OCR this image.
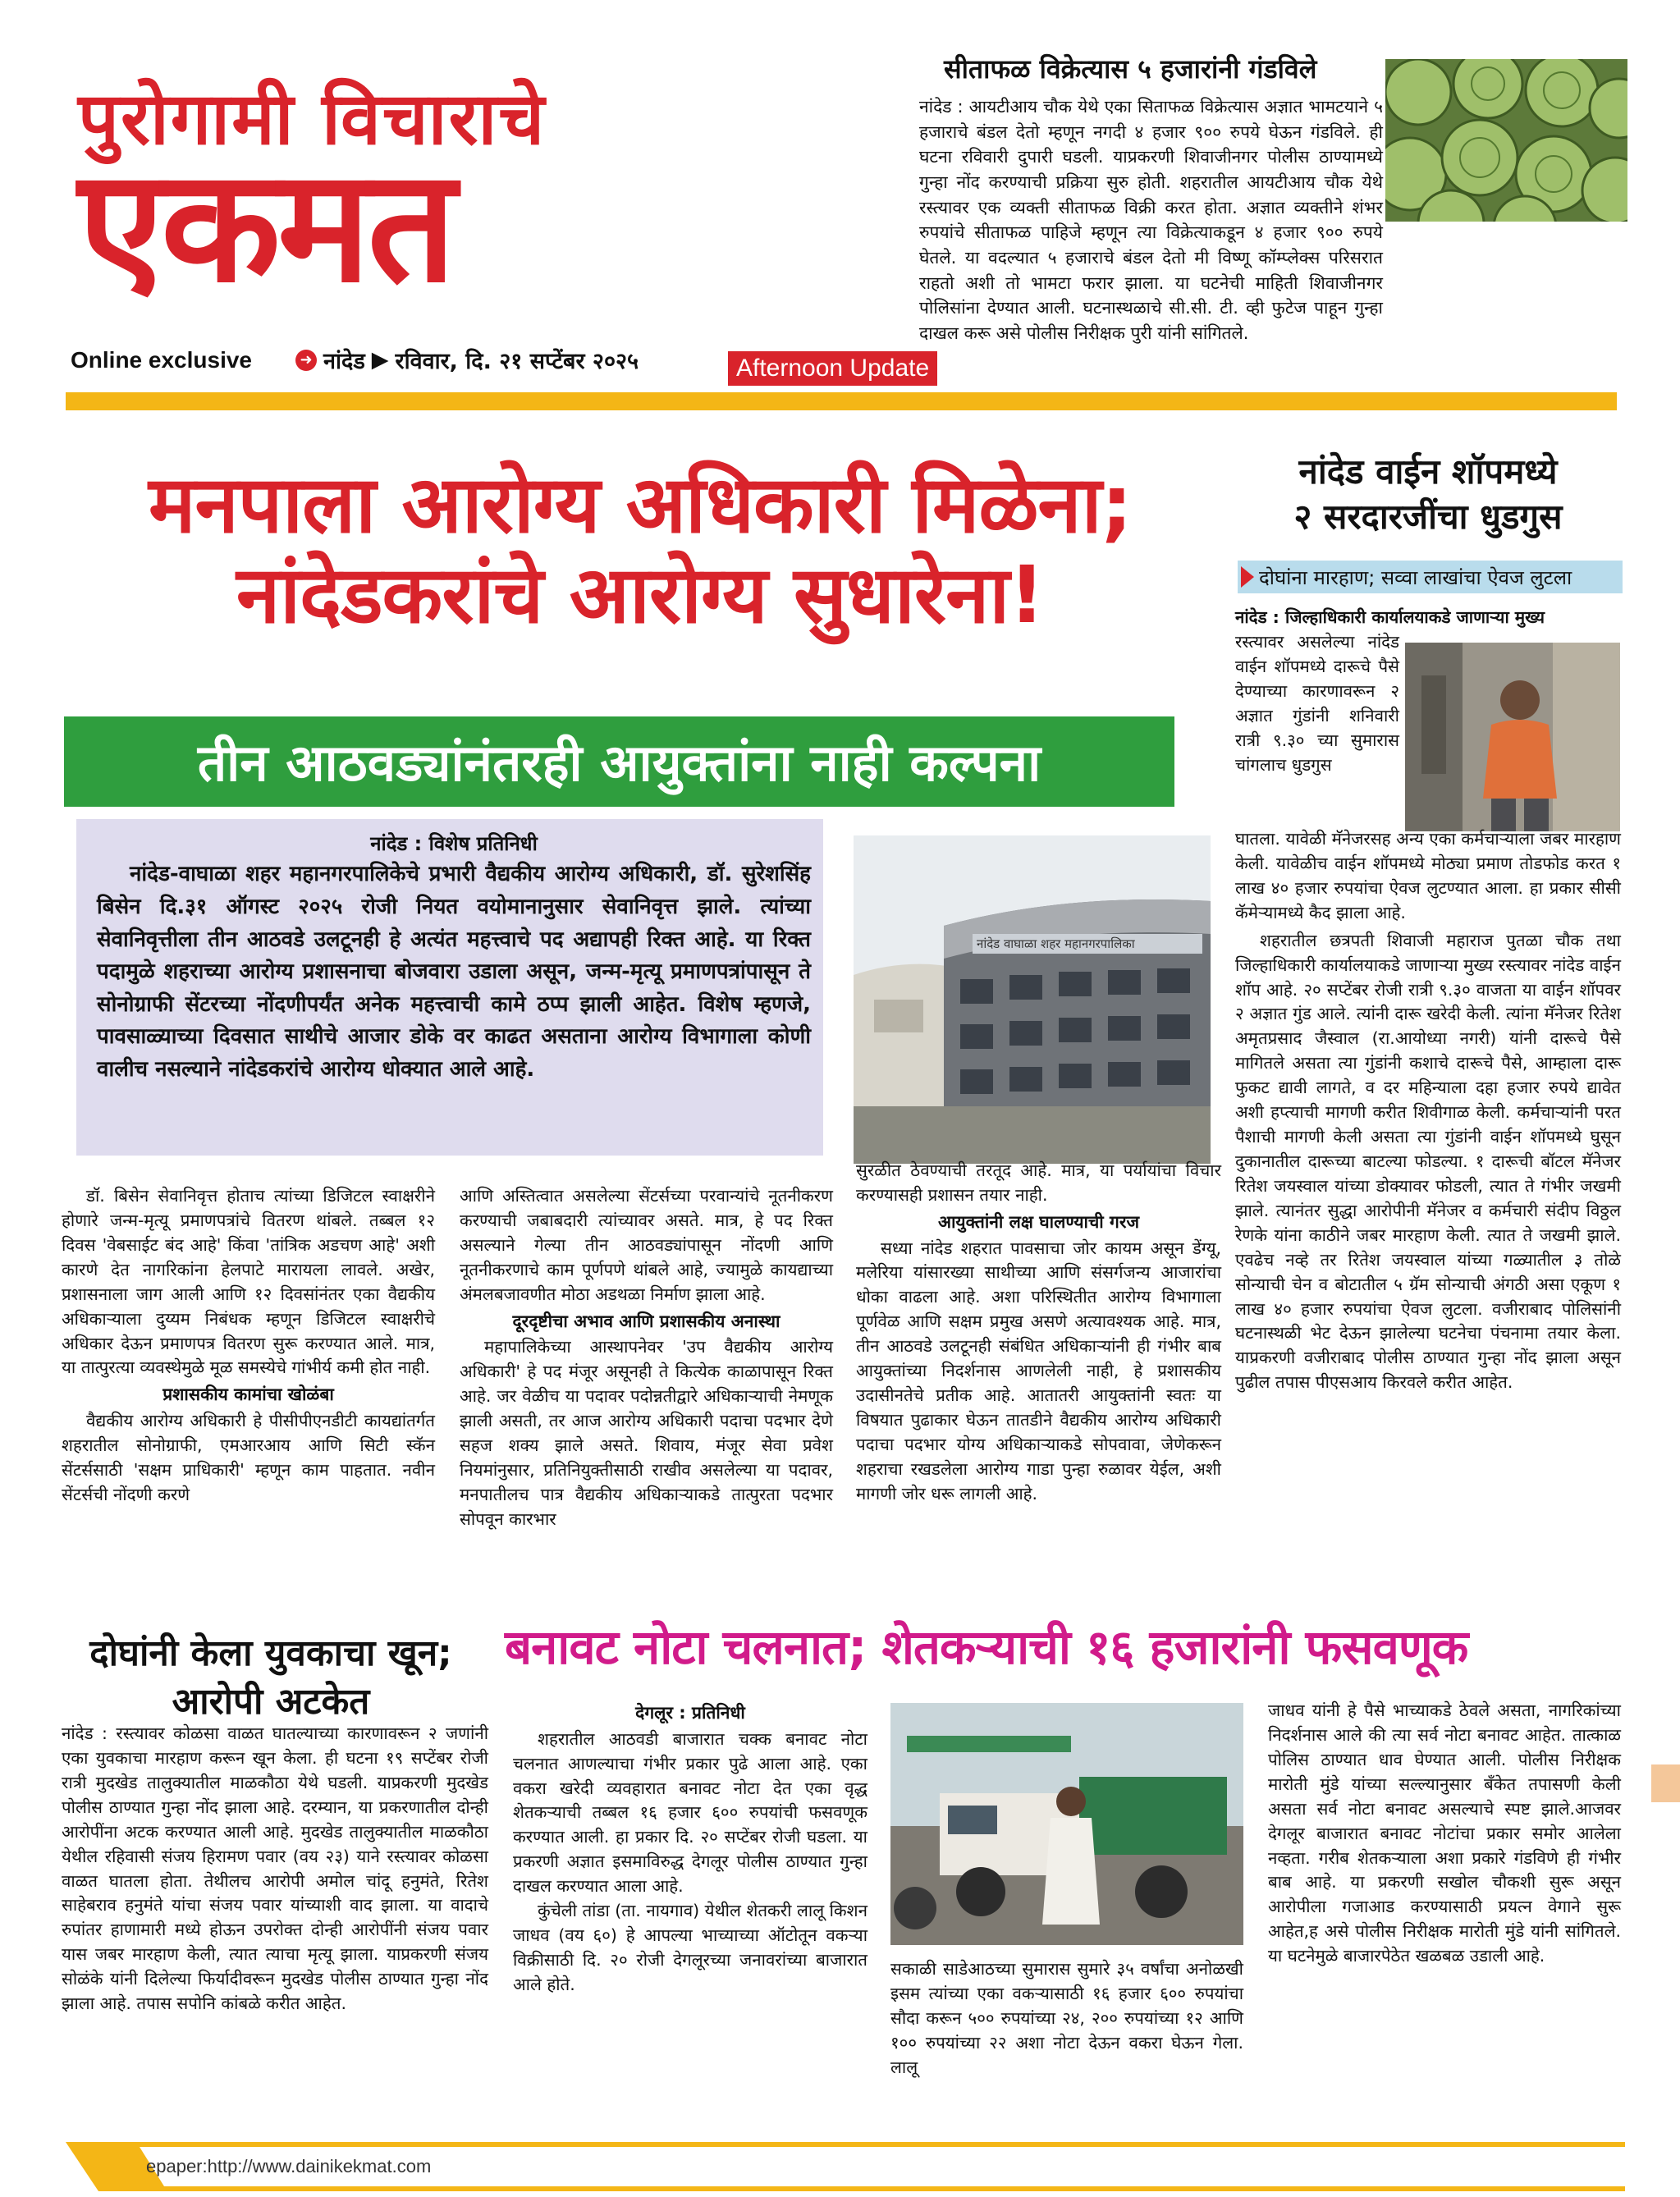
पुरोगामी विचाराचे
एकमत
Online exclusive	➜ नांदेड ▶ रविवार, दि. २१ सप्टेंबर २०२५	Afternoon Update
सीताफळ विक्रेत्यास ५ हजारांनी गंडविले

नांदेड : आयटीआय चौक येथे एका सिताफळ विक्रेत्यास अज्ञात भामटयाने ५ हजाराचे बंडल देतो म्हणून नगदी ४ हजार ९०० रुपये घेऊन गंडविले. ही घटना रविवारी दुपारी घडली. याप्रकरणी शिवाजीनगर पोलीस ठाण्यामध्ये गुन्हा नोंद करण्याची प्रक्रिया सुरु होती. शहरातील आयटीआय चौक येथे रस्त्यावर एक व्यक्ती सीताफळ विक्री करत होता. अज्ञात व्यक्तीने शंभर रुपयांचे सीताफळ पाहिजे म्हणून त्या विक्रेत्याकडून ४ हजार ९०० रुपये घेतले. या वदल्यात ५ हजाराचे बंडल देतो मी विष्णू कॉम्प्लेक्स परिसरात राहतो अशी तो भामटा फरार झाला. या घटनेची माहिती शिवाजीनगर पोलिसांना देण्यात आली. घटनास्थळाचे सी.सी. टी. व्ही फुटेज पाहून गुन्हा दाखल करू असे पोलीस निरीक्षक पुरी यांनी सांगितले.

मनपाला आरोग्य अधिकारी मिळेना;
नांदेडकरांचे आरोग्य सुधारेना!
तीन आठवड्यांनंतरही आयुक्तांना नाही कल्पना
नांदेड : विशेष प्रतिनिधी
नांदेड-वाघाळा शहर महानगरपालिकेचे प्रभारी वैद्यकीय आरोग्य अधिकारी, डॉ. सुरेशसिंह बिसेन दि.३१ ऑगस्ट २०२५ रोजी नियत वयोमानानुसार सेवानिवृत्त झाले. त्यांच्या सेवानिवृत्तीला तीन आठवडे उलटूनही हे अत्यंत महत्त्वाचे पद अद्यापही रिक्त आहे. या रिक्त पदामुळे शहराच्या आरोग्य प्रशासनाचा बोजवारा उडाला असून, जन्म-मृत्यू प्रमाणपत्रांपासून ते सोनोग्राफी सेंटरच्या नोंदणीपर्यंत अनेक महत्त्वाची कामे ठप्प झाली आहेत. विशेष म्हणजे, पावसाळ्याच्या दिवसात साथीचे आजार डोके वर काढत असताना आरोग्य विभागाला कोणी वालीच नसल्याने नांदेडकरांचे आरोग्य धोक्यात आले आहे.
नांदेड वाघाळा शहर महानगरपालिका

डॉ. बिसेन सेवानिवृत्त होताच त्यांच्या डिजिटल स्वाक्षरीने होणारे जन्म-मृत्यू प्रमाणपत्रांचे वितरण थांबले. तब्बल १२ दिवस 'वेबसाईट बंद आहे' किंवा 'तांत्रिक अडचण आहे' अशी कारणे देत नागरिकांना हेलपाटे मारायला लावले. अखेर, प्रशासनाला जाग आली आणि १२ दिवसांनंतर एका वैद्यकीय अधिकाऱ्याला दुय्यम निबंधक म्हणून डिजिटल स्वाक्षरीचे अधिकार देऊन प्रमाणपत्र वितरण सुरू करण्यात आले. मात्र, या तात्पुरत्या व्यवस्थेमुळे मूळ समस्येचे गांभीर्य कमी होत नाही.

प्रशासकीय कामांचा खोळंबा

वैद्यकीय आरोग्य अधिकारी हे पीसीपीएनडीटी कायद्यांतर्गत शहरातील सोनोग्राफी, एमआरआय आणि सिटी स्कॅन सेंटर्ससाठी 'सक्षम प्राधिकारी' म्हणून काम पाहतात. नवीन सेंटर्सची नोंदणी करणे

आणि अस्तित्वात असलेल्या सेंटर्सच्या परवान्यांचे नूतनीकरण करण्याची जबाबदारी त्यांच्यावर असते. मात्र, हे पद रिक्त असल्याने गेल्या तीन आठवड्यांपासून नोंदणी आणि नूतनीकरणाचे काम पूर्णपणे थांबले आहे, ज्यामुळे कायद्याच्या अंमलबजावणीत मोठा अडथळा निर्माण झाला आहे.

दूरदृष्टीचा अभाव आणि प्रशासकीय अनास्था

महापालिकेच्या आस्थापनेवर 'उप वैद्यकीय आरोग्य अधिकारी' हे पद मंजूर असूनही ते कित्येक काळापासून रिक्त आहे. जर वेळीच या पदावर पदोन्नतीद्वारे अधिकाऱ्याची नेमणूक झाली असती, तर आज आरोग्य अधिकारी पदाचा पदभार देणे सहज शक्य झाले असते. शिवाय, मंजूर सेवा प्रवेश नियमांनुसार, प्रतिनियुक्तीसाठी राखीव असलेल्या या पदावर, मनपातीलच पात्र वैद्यकीय अधिकाऱ्याकडे तात्पुरता पदभार सोपवून कारभार

सुरळीत ठेवण्याची तरतूद आहे. मात्र, या पर्यायांचा विचार करण्यासही प्रशासन तयार नाही.

आयुक्तांनी लक्ष घालण्याची गरज

सध्या नांदेड शहरात पावसाचा जोर कायम असून डेंग्यू, मलेरिया यांसारख्या साथीच्या आणि संसर्गजन्य आजारांचा धोका वाढला आहे. अशा परिस्थितीत आरोग्य विभागाला पूर्णवेळ आणि सक्षम प्रमुख असणे अत्यावश्यक आहे. मात्र, तीन आठवडे उलटूनही संबंधित अधिकाऱ्यांनी ही गंभीर बाब आयुक्तांच्या निदर्शनास आणलेली नाही, हे प्रशासकीय उदासीनतेचे प्रतीक आहे. आतातरी आयुक्तांनी स्वतः या विषयात पुढाकार घेऊन तातडीने वैद्यकीय आरोग्य अधिकारी पदाचा पदभार योग्य अधिकाऱ्याकडे सोपवावा, जेणेकरून शहराचा रखडलेला आरोग्य गाडा पुन्हा रुळावर येईल, अशी मागणी जोर धरू लागली आहे.

नांदेड वाईन शॉपमध्ये
२ सरदारजींचा धुडगुस
दोघांना मारहाण; सव्वा लाखांचा ऐवज लुटला

नांदेड : जिल्हाधिकारी कार्यालयाकडे जाणाऱ्या मुख्य

रस्त्यावर असलेल्या नांदेड वाईन शॉपमध्ये दारूचे पैसे देण्याच्या कारणावरून २ अज्ञात गुंडांनी शनिवारी रात्री ९.३० च्या सुमारास चांगलाच धुडगुस

घातला. यावेळी मॅनेजरसह अन्य एका कर्मचाऱ्याला जबर मारहाण केली. यावेळीच वाईन शॉपमध्ये मोठ्या प्रमाण तोडफोड करत १ लाख ४० हजार रुपयांचा ऐवज लुटण्यात आला. हा प्रकार सीसी कॅमेऱ्यामध्ये कैद झाला आहे.

शहरातील छत्रपती शिवाजी महाराज पुतळा चौक तथा जिल्हाधिकारी कार्यालयाकडे जाणाऱ्या मुख्य रस्त्यावर नांदेड वाईन शॉप आहे. २० सप्टेंबर रोजी रात्री ९.३० वाजता या वाईन शॉपवर २ अज्ञात गुंड आले. त्यांनी दारू खरेदी केली. त्यांना मॅनेजर रितेश अमृतप्रसाद जैस्वाल (रा.आयोध्या नगरी) यांनी दारूचे पैसे मागितले असता त्या गुंडांनी कशाचे दारूचे पैसे, आम्हाला दारू फुकट द्यावी लागते, व दर महिन्याला दहा हजार रुपये द्यावेत अशी हप्त्याची मागणी करीत शिवीगाळ केली. कर्मचाऱ्यांनी परत पैशाची मागणी केली असता त्या गुंडांनी वाईन शॉपमध्ये घुसून दुकानातील दारूच्या बाटल्या फोडल्या. १ दारूची बॉटल मॅनेजर रितेश जयस्वाल यांच्या डोक्यावर फोडली, त्यात ते गंभीर जखमी झाले. त्यानंतर सुद्धा आरोपीनी मॅनेजर व कर्मचारी संदीप विठ्ठल रेणके यांना काठीने जबर मारहाण केली. त्यात ते जखमी झाले. एवढेच नव्हे तर रितेश जयस्वाल यांच्या गळ्यातील ३ तोळे सोन्याची चेन व बोटातील ५ ग्रॅम सोन्याची अंगठी असा एकूण १ लाख ४० हजार रुपयांचा ऐवज लुटला. वजीराबाद पोलिसांनी घटनास्थळी भेट देऊन झालेल्या घटनेचा पंचनामा तयार केला. याप्रकरणी वजीराबाद पोलीस ठाण्यात गुन्हा नोंद झाला असून पुढील तपास पीएसआय किरवले करीत आहेत.

दोघांनी केला युवकाचा खून;
आरोपी अटकेत

नांदेड : रस्त्यावर कोळसा वाळत घातल्याच्या कारणावरून २ जणांनी एका युवकाचा मारहाण करून खून केला. ही घटना १९ सप्टेंबर रोजी रात्री मुदखेड तालुक्यातील माळकौठा येथे घडली. याप्रकरणी मुदखेड पोलीस ठाण्यात गुन्हा नोंद झाला आहे. दरम्यान, या प्रकरणातील दोन्ही आरोपींना अटक करण्यात आली आहे. मुदखेड तालुक्यातील माळकौठा येथील रहिवासी संजय हिरामण पवार (वय २३) याने रस्त्यावर कोळसा वाळत घातला होता. तेथीलच आरोपी अमोल चांदू हनुमंते, रितेश साहेबराव हनुमंते यांचा संजय पवार यांच्याशी वाद झाला. या वादाचे रुपांतर हाणामारी मध्ये होऊन उपरोक्त दोन्ही आरोपींनी संजय पवार यास जबर मारहाण केली, त्यात त्याचा मृत्यू झाला. याप्रकरणी संजय सोळंके यांनी दिलेल्या फिर्यादीवरून मुदखेड पोलीस ठाण्यात गुन्हा नोंद झाला आहे. तपास सपोनि कांबळे करीत आहेत.

बनावट नोटा चलनात; शेतकऱ्याची १६ हजारांनी फसवणूक
देगलूर : प्रतिनिधी

शहरातील आठवडी बाजारात चक्क बनावट नोटा चलनात आणल्याचा गंभीर प्रकार पुढे आला आहे. एका वकरा खरेदी व्यवहारात बनावट नोटा देत एका वृद्ध शेतकऱ्याची तब्बल १६ हजार ६०० रुपयांची फसवणूक करण्यात आली. हा प्रकार दि. २० सप्टेंबर रोजी घडला. या प्रकरणी अज्ञात इसमाविरुद्ध देगलूर पोलीस ठाण्यात गुन्हा दाखल करण्यात आला आहे.

कुंचेली तांडा (ता. नायगाव) येथील शेतकरी लालू किशन जाधव (वय ६०) हे आपल्या भाच्याच्या ऑटोतून वकऱ्या विक्रीसाठी दि. २० रोजी देगलूरच्या जनावरांच्या बाजारात आले होते.

सकाळी साडेआठच्या सुमारास सुमारे ३५ वर्षांचा अनोळखी इसम त्यांच्या एका वकऱ्यासाठी १६ हजार ६०० रुपयांचा सौदा करून ५०० रुपयांच्या २४, २०० रुपयांच्या १२ आणि १०० रुपयांच्या २२ अशा नोटा देऊन वकरा घेऊन गेला. लालू

जाधव यांनी हे पैसे भाच्याकडे ठेवले असता, नागरिकांच्या निदर्शनास आले की त्या सर्व नोटा बनावट आहेत. तात्काळ पोलिस ठाण्यात धाव घेण्यात आली. पोलीस निरीक्षक मारोती मुंडे यांच्या सल्ल्यानुसार बँकेत तपासणी केली असता सर्व नोटा बनावट असल्याचे स्पष्ट झाले.आजवर देगलूर बाजारात बनावट नोटांचा प्रकार समोर आलेला नव्हता. गरीब शेतकऱ्याला अशा प्रकारे गंडविणे ही गंभीर बाब आहे. या प्रकरणी सखोल चौकशी सुरू असून आरोपीला गजाआड करण्यासाठी प्रयत्न वेगाने सुरू आहेत,ह असे पोलीस निरीक्षक मारोती मुंडे यांनी सांगितले. या घटनेमुळे बाजारपेठेत खळबळ उडाली आहे.

epaper:http://www.dainikekmat.com
